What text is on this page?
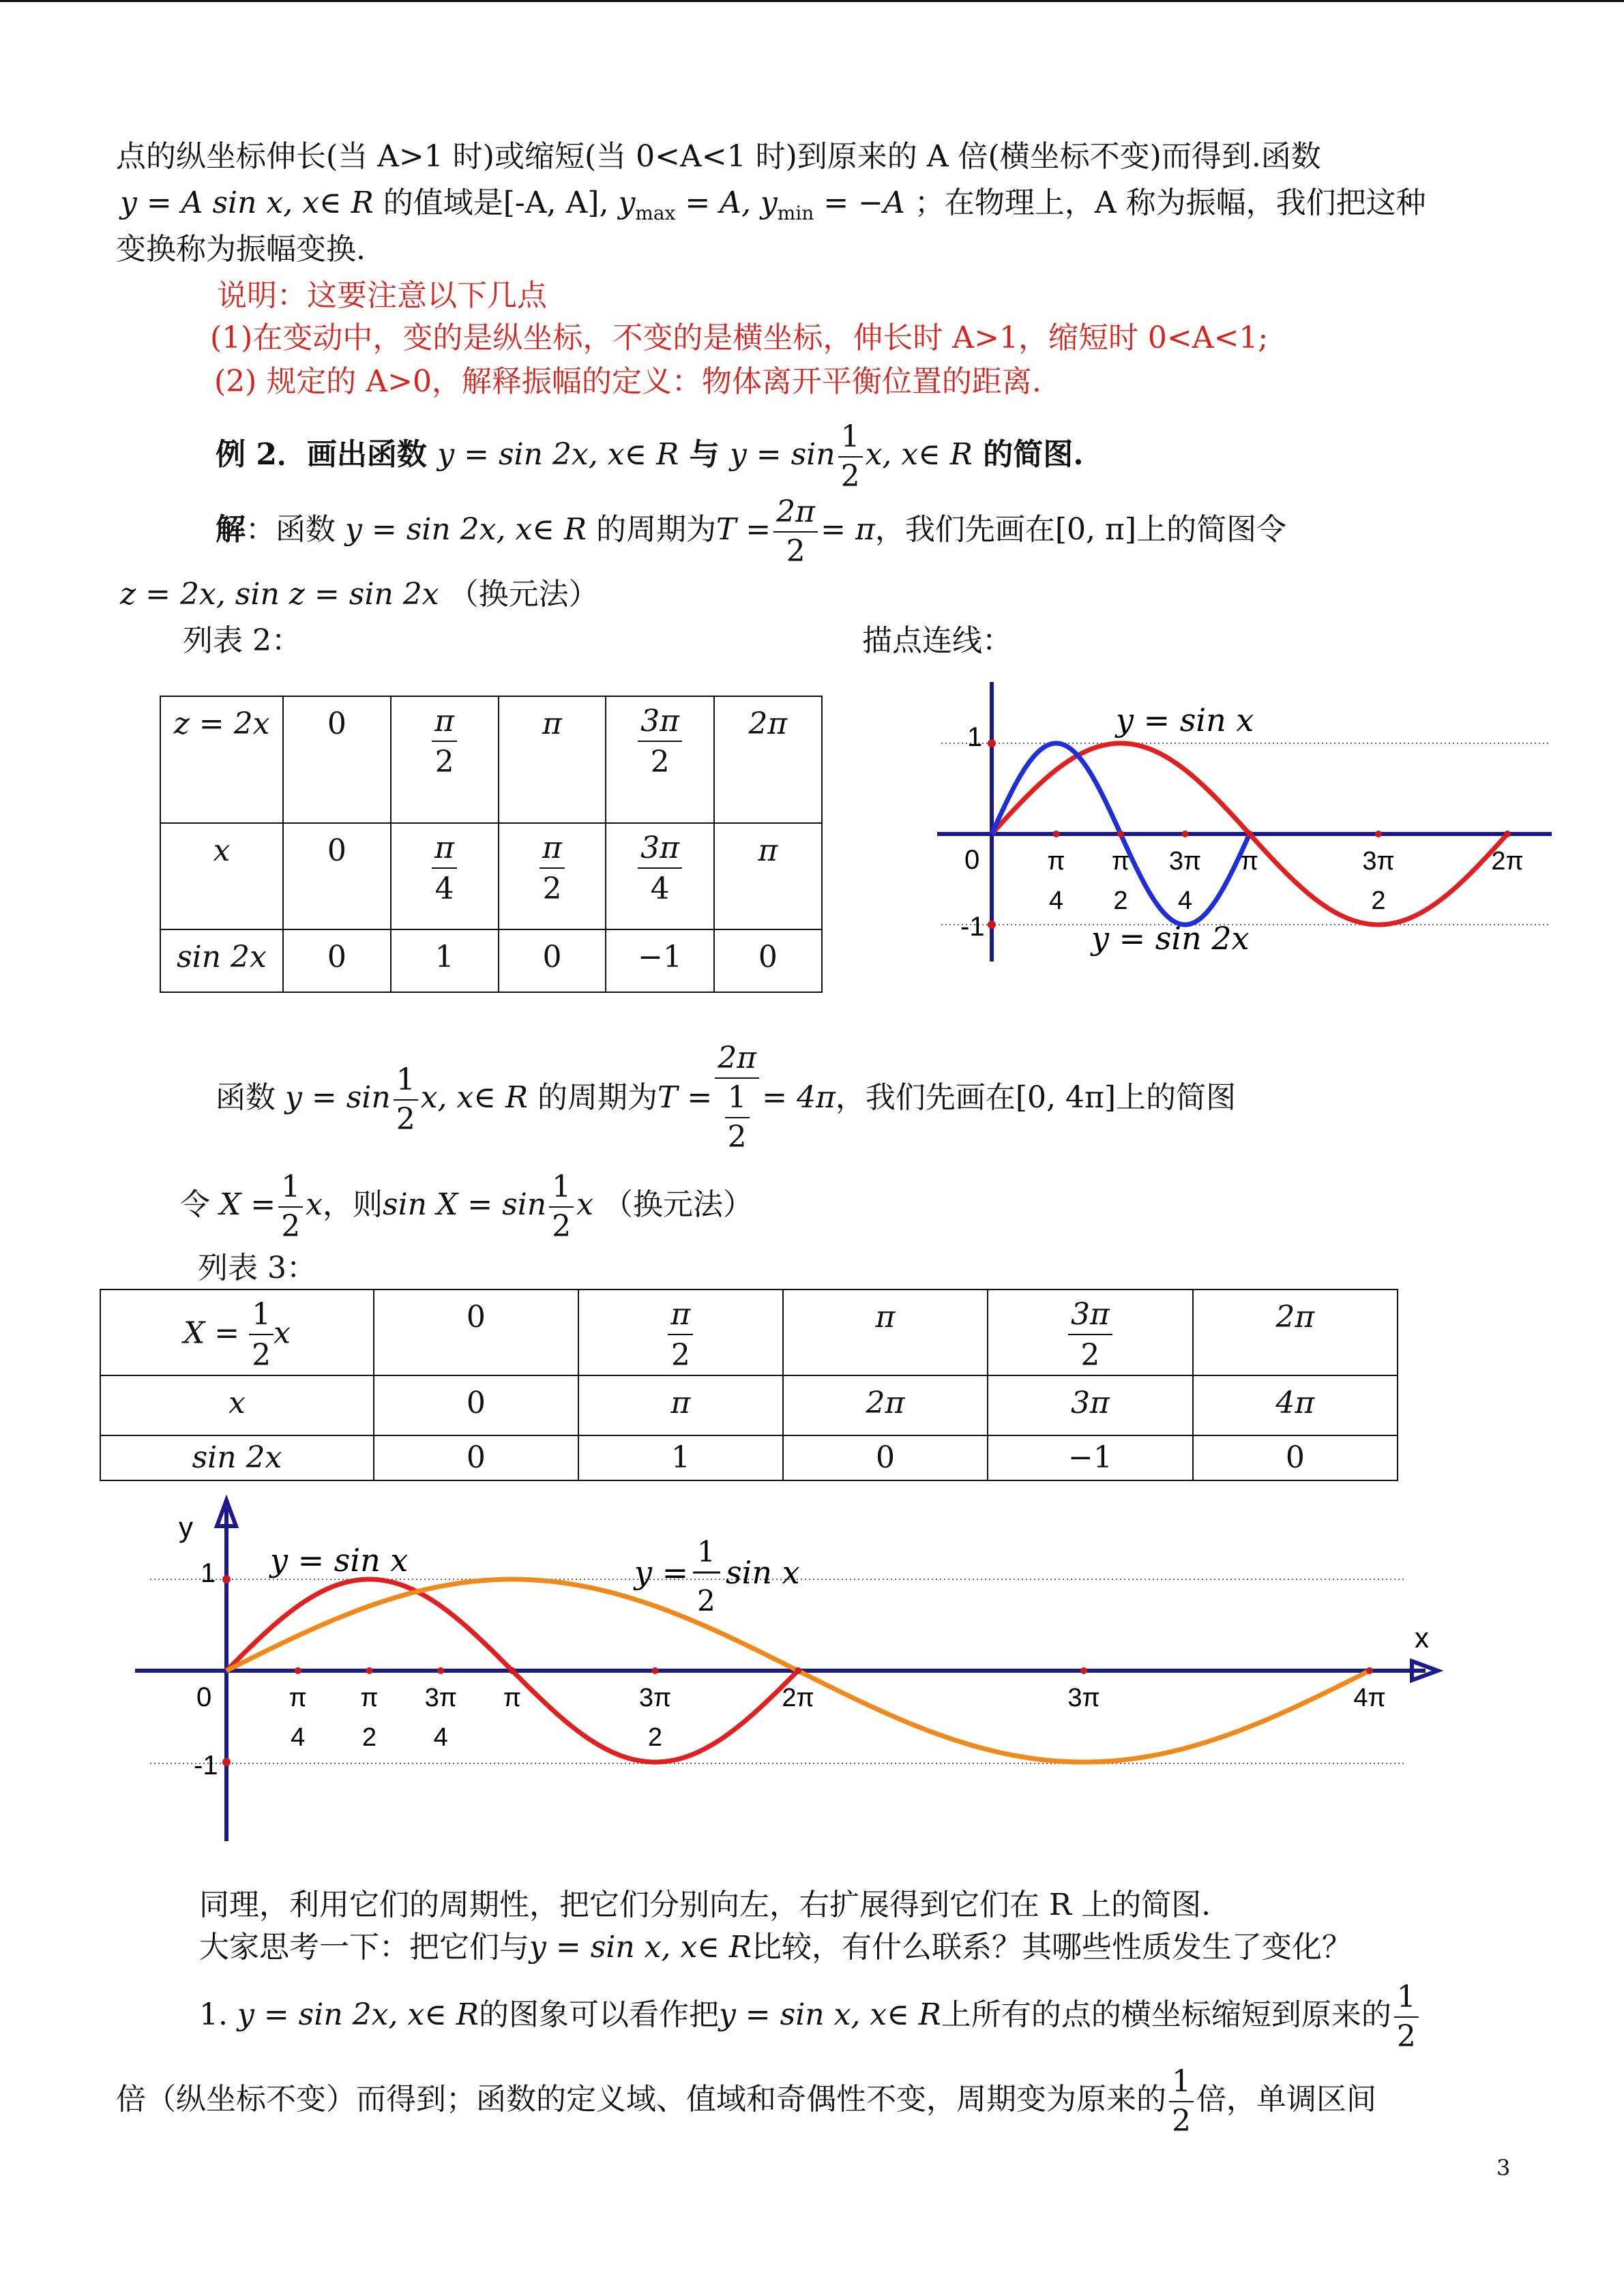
点的纵坐标伸长(当 A>1 时)或缩短(当 0<A<1 时)到原来的 A 倍(横坐标不变)而得到.函数
y = A sin x, x∈ R 的值域是[-A, A], $y_{max} = A$, $y_{min} = -A$ ；在物理上，A 称为振幅，我们把这种
变换称为振幅变换.
说明：这要注意以下几点
(1)在变动中，变的是纵坐标，不变的是横坐标，伸长时 A>1，缩短时 0<A<1;
(2) 规定的 A>0，解释振幅的定义：物体离开平衡位置的距离.
例 2．画出函数 y = sin 2x, x∈ R 与 $y = \sin \frac{1}{2} x$, x∈ R 的简图.
解：函数 y = sin 2x, x∈ R 的周期为$T = \frac{2\pi}{2} = \pi$，我们先画在[0, π]上的简图令
z = 2x, sin z = sin 2x （换元法）
列表 2：	描点连线：
z = 2x	0	$\frac{\pi}{2}$	π	$\frac{3\pi}{2}$	2π
x	0	$\frac{\pi}{4}$	$\frac{\pi}{2}$	$\frac{3\pi}{4}$	π
sin 2x	0	1	0	−1	0
1
-1
0	π
4
π
2
3π
4
π	3π
2
2π
y = sin x
y = sin 2x
函数 $y = \sin \frac{1}{2} x$, x∈ R 的周期为$T = \frac{2\pi}{\frac{1}{2}} = 4\pi$，我们先画在[0, 4π]上的简图
令 $X = \frac{1}{2}$ x，则$\sin X = \sin \frac{1}{2}$ x （换元法）
列表 3：
$X = \frac{1}{2}$ x	0	$\frac{\pi}{2}$	π	$\frac{3\pi}{2}$	2π
x	0	π	2π	3π	4π
sin 2x	0	1	0	−1	0
y
x
1
-1
0	π
4
π
2
3π
4
π	3π
2
2π	3π	4π
y = sin x	y =
1
2
sin x
同理，利用它们的周期性，把它们分别向左，右扩展得到它们在 R 上的简图.
大家思考一下：把它们与y = sin x, x∈ R比较，有什么联系？其哪些性质发生了变化？
1. y = sin 2x, x∈ R的图象可以看作把y = sin x, x∈ R上所有的点的横坐标缩短到原来的 $\frac{1}{2}$
倍（纵坐标不变）而得到；函数的定义域、值域和奇偶性不变，周期变为原来的 $\frac{1}{2}$ 倍，单调区间
3
